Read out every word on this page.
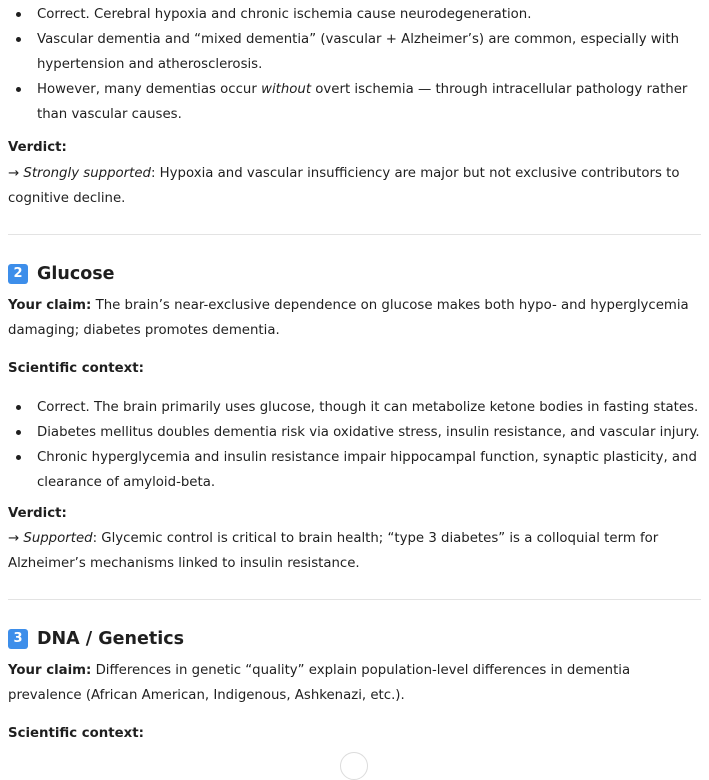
Correct. Cerebral hypoxia and chronic ischemia cause neurodegeneration.
Vascular dementia and “mixed dementia” (vascular + Alzheimer’s) are common, especially with hypertension and atherosclerosis.
However, many dementias occur without overt ischemia — through intracellular pathology rather than vascular causes.

Verdict:

→ Strongly supported: Hypoxia and vascular insufficiency are major but not exclusive contributors to cognitive decline.

2 Glucose

Your claim: The brain’s near-exclusive dependence on glucose makes both hypo- and hyperglycemia damaging; diabetes promotes dementia.

Scientific context:

Correct. The brain primarily uses glucose, though it can metabolize ketone bodies in fasting states.
Diabetes mellitus doubles dementia risk via oxidative stress, insulin resistance, and vascular injury.
Chronic hyperglycemia and insulin resistance impair hippocampal function, synaptic plasticity, and clearance of amyloid-beta.

Verdict:

→ Supported: Glycemic control is critical to brain health; “type 3 diabetes” is a colloquial term for Alzheimer’s mechanisms linked to insulin resistance.

3 DNA / Genetics

Your claim: Differences in genetic “quality” explain population-level differences in dementia prevalence (African American, Indigenous, Ashkenazi, etc.).

Scientific context:
